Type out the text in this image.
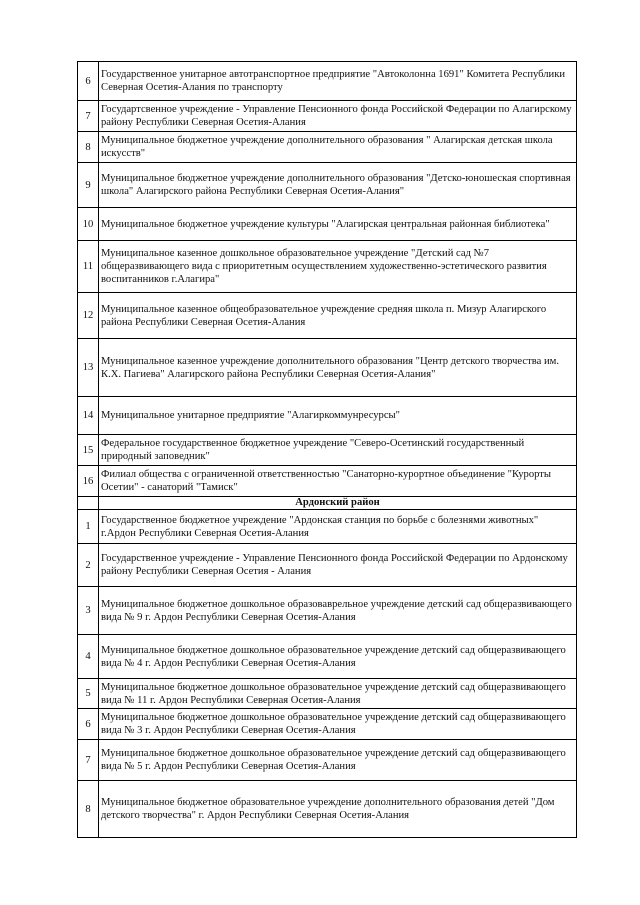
6	Государственное унитарное автотранспортное предприятие "Автоколонна 1691" Комитета Республики Северная Осетия-Алания по транспорту
7	Государтсвенное учреждение - Управление Пенсионного фонда Российской Федерации по Алагирскому району Республики Северная Осетия-Алания
8	Муниципальное бюджетное учреждение дополнительного образования " Алагирская детская школа искусств"
9	Муниципальное бюджетное учреждение дополнительного образования "Детско-юношеская спортивная школа" Алагирского района Республики Северная Осетия-Алания"
10	Муниципальное бюджетное учреждение культуры "Алагирская центральная районная библиотека"
11	Муниципальное казенное дошкольное образовательное учреждение "Детский сад №7 общеразвивающего вида с приоритетным осуществлением художественно-эстетического развития воспитанников г.Алагира"
12	Муниципальное казенное общеобразовательное учреждение средняя школа п. Мизур Алагирского района Республики Северная Осетия-Алания
13	Муниципальное казенное учреждение дополнительного образования "Центр детского творчества им. К.Х. Пагиева" Алагирского района Республики Северная Осетия-Алания"
14	Муниципальное унитарное предприятие "Алагиркоммунресурсы"
15	Федеральное государственное бюджетное учреждение "Северо-Осетинский государственный природный заповедник"
16	Филиал общества с ограниченной ответственностью "Санаторно-курортное объединение "Курорты Осетии" - санаторий "Тамиск"
	Ардонский район
1	Государственное бюджетное учреждение "Ардонская станция по борьбе с болезнями животных" г.Ардон Республики Северная Осетия-Алания
2	Государственное учреждение - Управление Пенсионного фонда Российской Федерации по Ардонскому району Республики Северная Осетия - Алания
3	Муниципальное бюджетное дошкольное образоваврельное учреждение детский сад общеразвивающего вида № 9 г. Ардон Республики Северная Осетия-Алания
4	Муниципальное бюджетное дошкольное образовательное учреждение детский сад общеразвивающего вида № 4 г. Ардон Республики Северная Осетия-Алания
5	Муниципальное бюджетное дошкольное образовательное учреждение детский сад общеразвивающего вида № 11 г. Ардон Республики Северная Осетия-Алания
6	Муниципальное бюджетное дошкольное образовательное учреждение детский сад общеразвивающего вида № 3 г. Ардон Республики Северная Осетия-Алания
7	Муниципальное бюджетное дошкольное образовательное учреждение детский сад общеразвивающего вида № 5 г. Ардон Республики Северная Осетия-Алания
8	Муниципальное бюджетное образовательное учреждение дополнительного образования детей "Дом детского творчества" г. Ардон Республики Северная Осетия-Алания
